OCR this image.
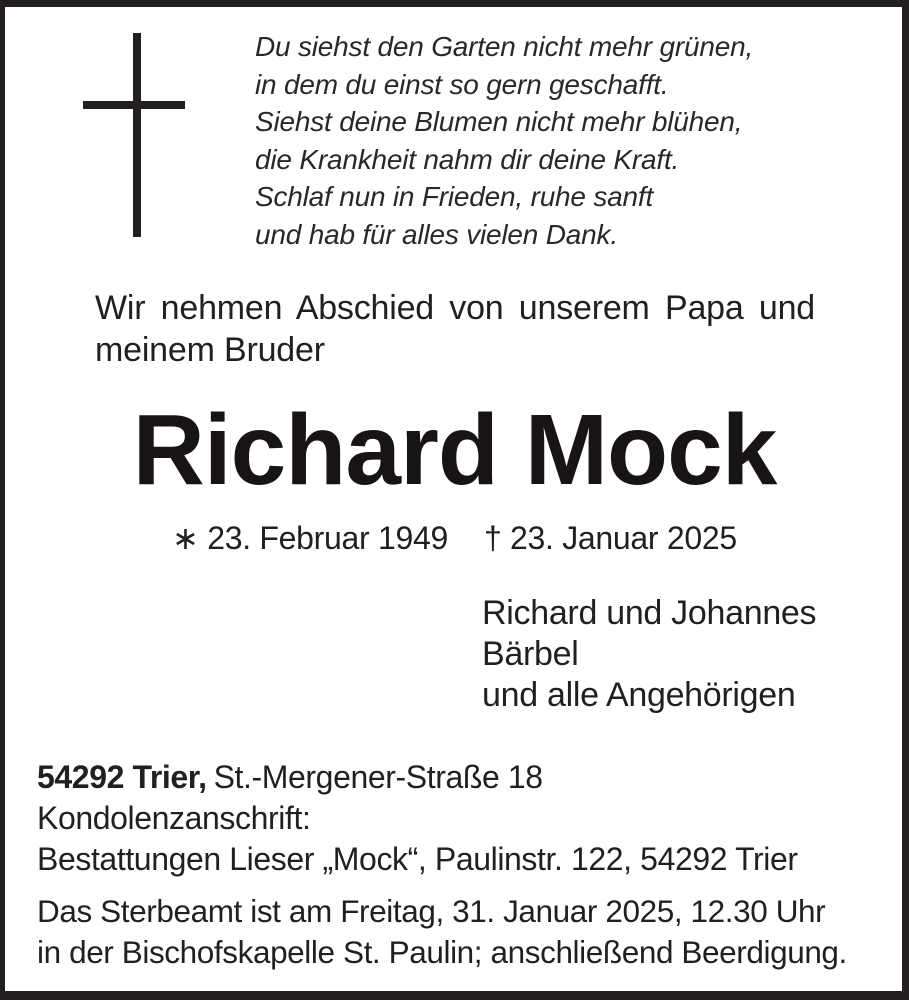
Du siehst den Garten nicht mehr grünen,
in dem du einst so gern geschafft.
Siehst deine Blumen nicht mehr blühen,
die Krankheit nahm dir deine Kraft.
Schlaf nun in Frieden, ruhe sanft
und hab für alles vielen Dank.
Wir nehmen Abschied von unserem Papa und
meinem Bruder
Richard Mock
∗ 23. Februar 1949 † 23. Januar 2025
Richard und Johannes
Bärbel
und alle Angehörigen
54292 Trier, St.-Mergener-Straße 18
Kondolenzanschrift:
Bestattungen Lieser „Mock“, Paulinstr. 122, 54292 Trier
Das Sterbeamt ist am Freitag, 31. Januar 2025, 12.30 Uhr
in der Bischofskapelle St. Paulin; anschließend Beerdigung.
